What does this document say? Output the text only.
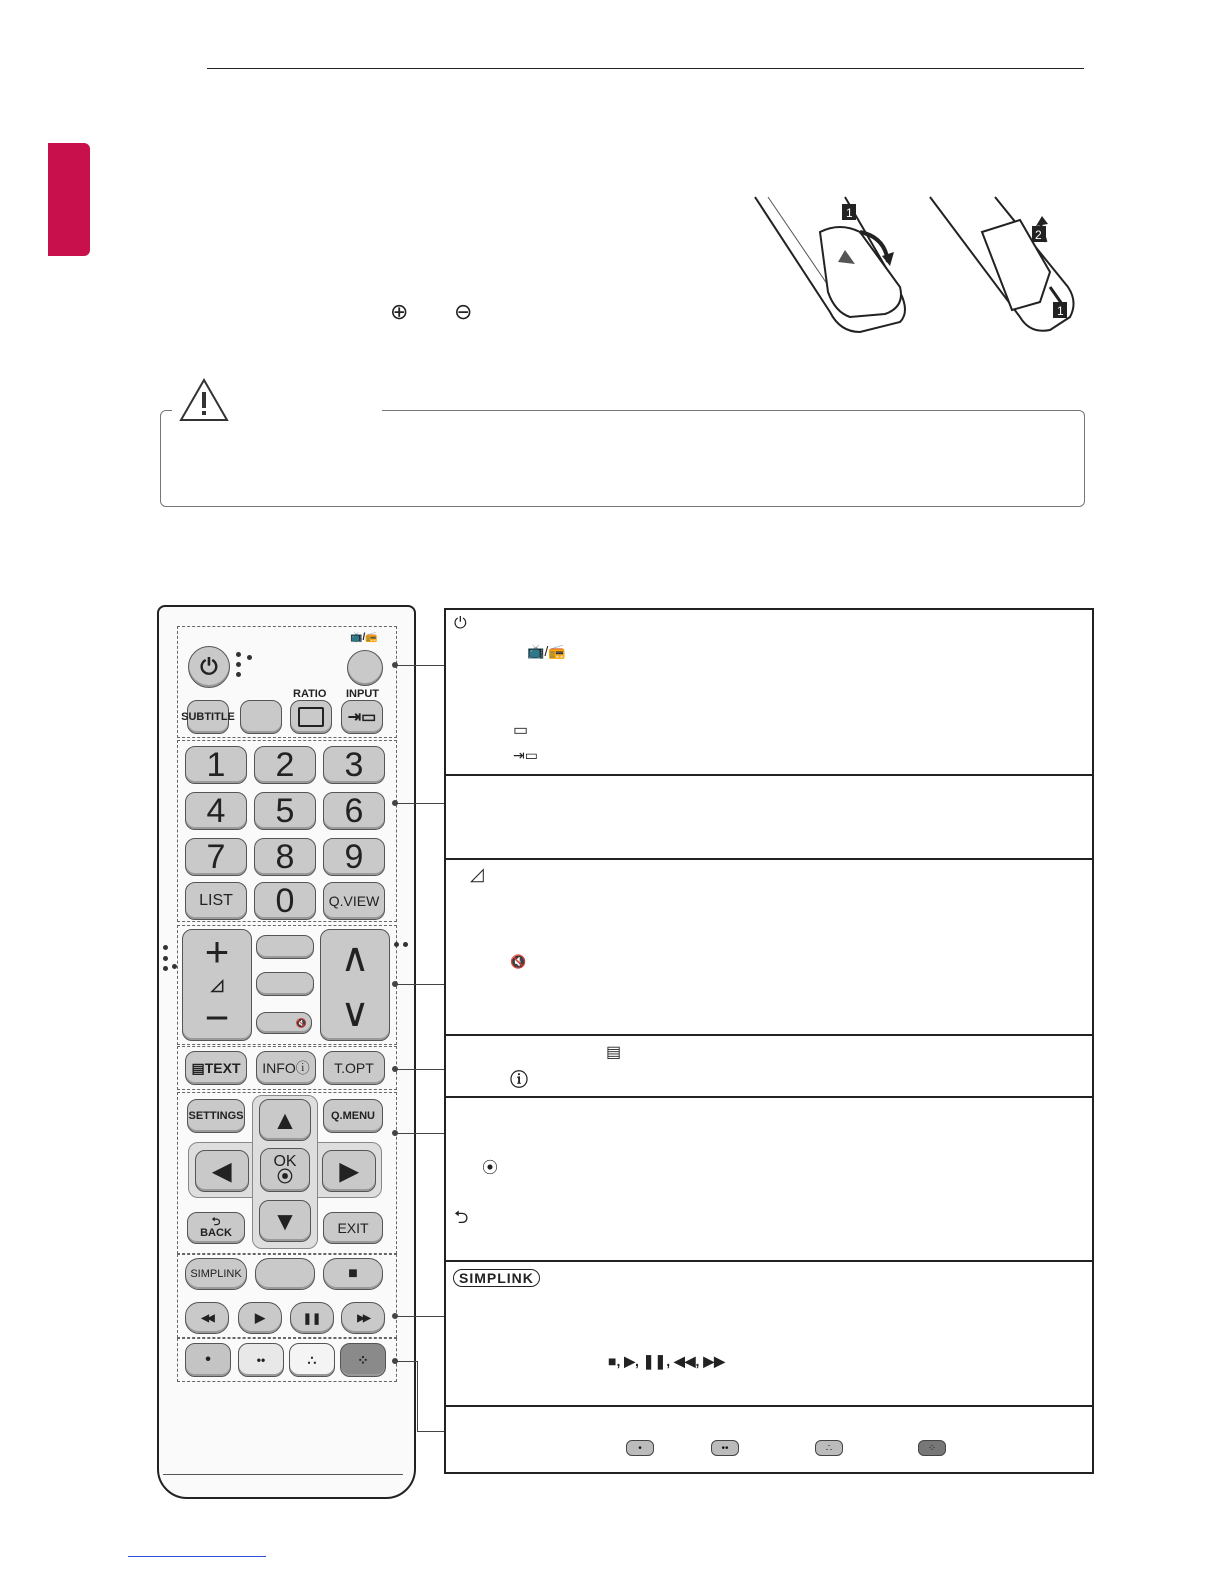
⊕ ⊖
1
2
1
⏻
📺/📻
SUBTITLE
RATIO INPUT
⇥▭
1	2	3
4	5	6
7	8	9
LIST	0	Q.VIEW
+
◿
−	🔇
∧
∨
▤TEXT	INFOⓘ	T.OPT
SETTINGS	Q.MENU
▲
◀	OK
⦿ ▶
▼
⮌
BACK	EXIT
SIMPLINK	■
◀◀	▶	❚❚	▶▶
•	••	∴	⁘
⏻
📺/📻
▭
⇥▭
◿
🔇
▤
ⓘ
⦿
⮌
SIMPLINK
■, ▶, ❚❚, ◀◀, ▶▶
•	••	∴	⁘
